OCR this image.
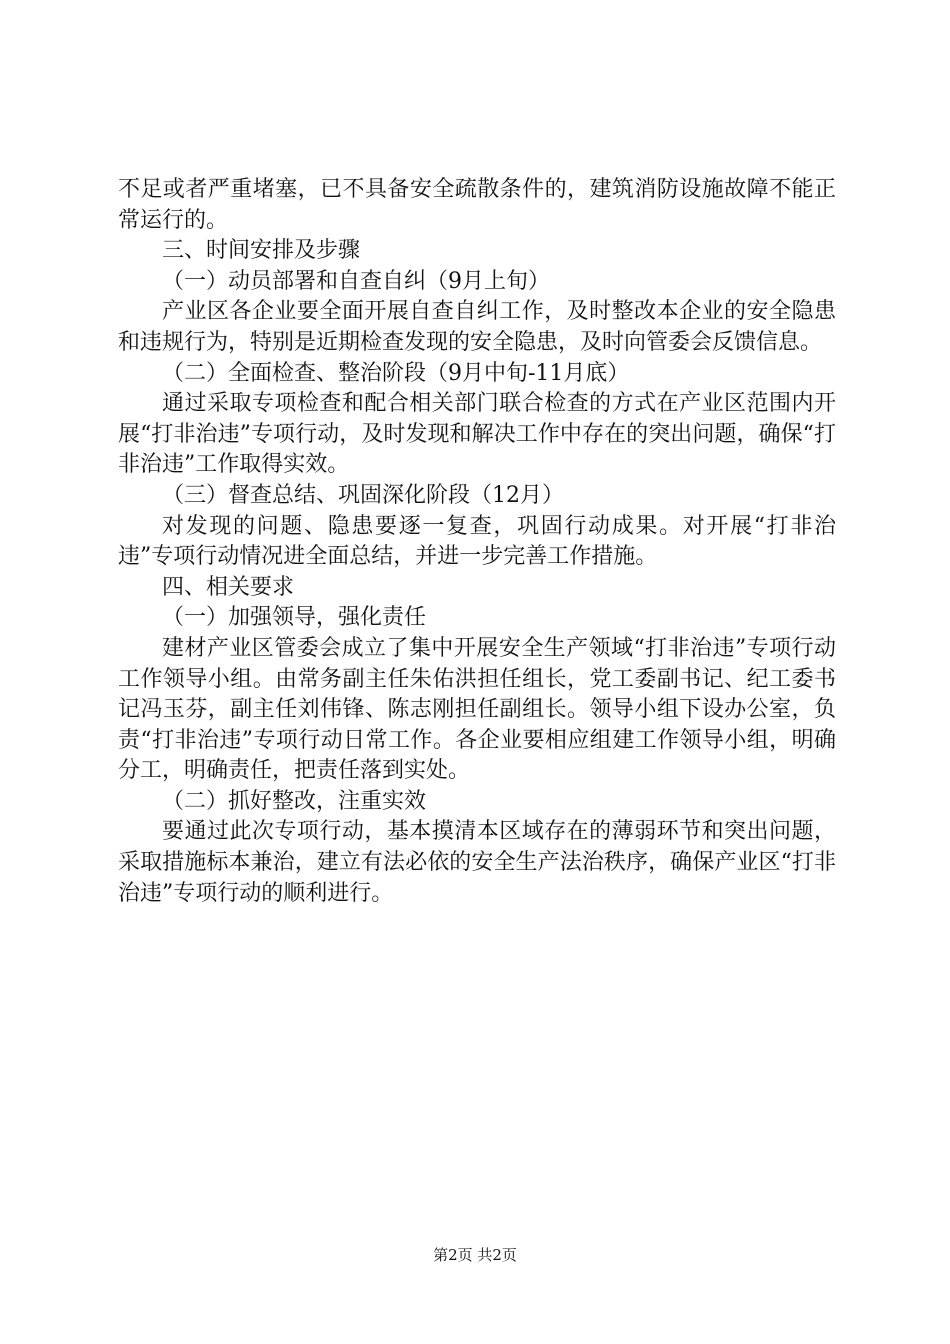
不足或者严重堵塞，已不具备安全疏散条件的，建筑消防设施故障不能正常运行的。

三、时间安排及步骤

（一）动员部署和自查自纠（9月上旬）

产业区各企业要全面开展自查自纠工作，及时整改本企业的安全隐患和违规行为，特别是近期检查发现的安全隐患，及时向管委会反馈信息。

（二）全面检查、整治阶段（9月中旬-11月底）

通过采取专项检查和配合相关部门联合检查的方式在产业区范围内开展“打非治违”专项行动，及时发现和解决工作中存在的突出问题，确保“打非治违”工作取得实效。

（三）督查总结、巩固深化阶段（12月）

对发现的问题、隐患要逐一复查，巩固行动成果。对开展“打非治违”专项行动情况进全面总结，并进一步完善工作措施。

四、相关要求

（一）加强领导，强化责任

建材产业区管委会成立了集中开展安全生产领域“打非治违”专项行动工作领导小组。由常务副主任朱佑洪担任组长，党工委副书记、纪工委书记冯玉芬，副主任刘伟锋、陈志刚担任副组长。领导小组下设办公室，负责“打非治违”专项行动日常工作。各企业要相应组建工作领导小组，明确分工，明确责任，把责任落到实处。

（二）抓好整改，注重实效

要通过此次专项行动，基本摸清本区域存在的薄弱环节和突出问题，采取措施标本兼治，建立有法必依的安全生产法治秩序，确保产业区“打非治违”专项行动的顺利进行。

第2页 共2页
